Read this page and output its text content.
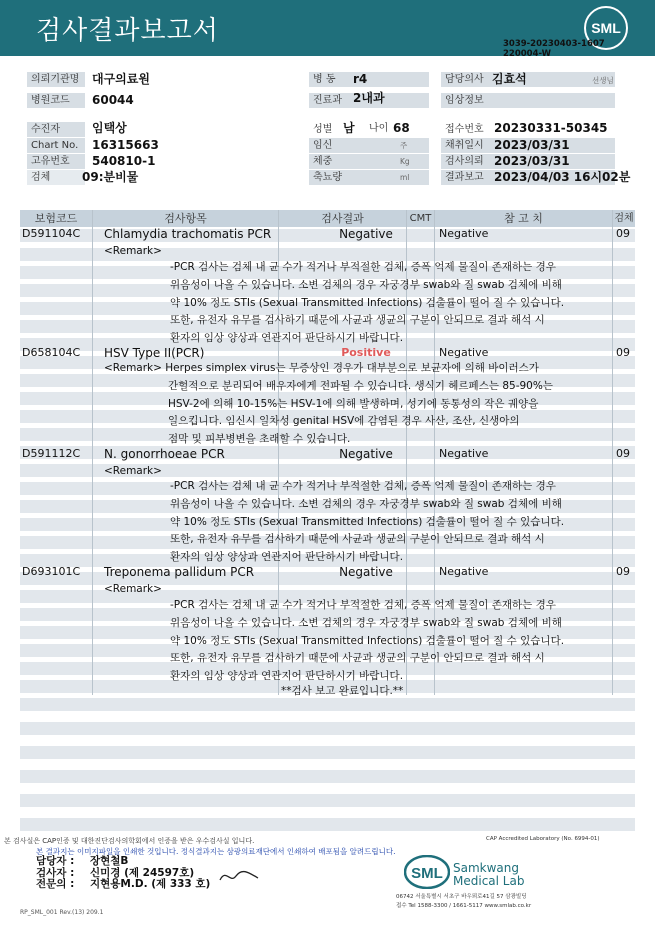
검사결과보고서	SML
3039-20230403-1607
220004-W
의뢰기관명	대구의료원
병원코드	60044
수진자	임택상
Chart No.	16315663
고유번호	540810-1
검체	09:분비물
병 동	r4
진료과 2내과
성별 남 나이 68
임신	주
체중	Kg
축뇨량	ml
담당의사 김효석	선생님
임상정보
접수번호 20230331-50345
채취일시 2023/03/31
검사의뢰 2023/03/31
결과보고 2023/04/03 16시02분
보험코드	검사항목	검사결과	CMT	참 고 치	검체
D591104C Chlamydia trachomatis PCR	Negative	Negative	09
<Remark>
-PCR 검사는 검체 내 균 수가 적거나 부적절한 검체, 증폭 억제 물질이 존재하는 경우
위음성이 나올 수 있습니다. 소변 검체의 경우 자궁경부 swab와 질 swab 검체에 비해
약 10% 정도 STIs (Sexual Transmitted Infections) 검출률이 떨어 질 수 있습니다.
또한, 유전자 유무를 검사하기 때문에 사균과 생균의 구분이 안되므로 결과 해석 시
환자의 임상 양상과 연관지어 판단하시기 바랍니다.
D658104C HSV Type II(PCR)	Positive	Negative	09
<Remark> Herpes simplex virus는 무증상인 경우가 대부분으로 보균자에 의해 바이러스가
간헐적으로 분리되어 배우자에게 전파될 수 있습니다. 생식기 헤르페스는 85-90%는
HSV-2에 의해 10-15%는 HSV-1에 의해 발생하며, 성기에 동통성의 작은 궤양을
일으킵니다. 임신시 일차성 genital HSV에 감염된 경우 사산, 조산, 신생아의
점막 및 피부병변을 초래할 수 있습니다.
D591112C N. gonorrhoeae PCR	Negative	Negative	09
<Remark>
-PCR 검사는 검체 내 균 수가 적거나 부적절한 검체, 증폭 억제 물질이 존재하는 경우
위음성이 나올 수 있습니다. 소변 검체의 경우 자궁경부 swab와 질 swab 검체에 비해
약 10% 정도 STIs (Sexual Transmitted Infections) 검출률이 떨어 질 수 있습니다.
또한, 유전자 유무를 검사하기 때문에 사균과 생균의 구분이 안되므로 결과 해석 시
환자의 임상 양상과 연관지어 판단하시기 바랍니다.
D693101C Treponema pallidum PCR	Negative	Negative	09
<Remark>
-PCR 검사는 검체 내 균 수가 적거나 부적절한 검체, 증폭 억제 물질이 존재하는 경우
위음성이 나올 수 있습니다. 소변 검체의 경우 자궁경부 swab와 질 swab 검체에 비해
약 10% 정도 STIs (Sexual Transmitted Infections) 검출률이 떨어 질 수 있습니다.
또한, 유전자 유무를 검사하기 때문에 사균과 생균의 구분이 안되므로 결과 해석 시
환자의 임상 양상과 연관지어 판단하시기 바랍니다.
**검사 보고 완료입니다.**
본 검사실은 CAP인증 및 대한진단검사의학회에서 인증을 받은 우수검사실 입니다.	CAP Accredited Laboratory (No. 6994-01)
본 결과지는 이미지파일을 인쇄한 것입니다. 정식결과지는 삼광의료재단에서 인쇄하여 배포됨을 알려드립니다.
담당자 : 장현철B
검사자 : 신미경 (제 24597호)
전문의 : 지현용M.D. (제 333 호)
SML Samkwang
Medical Lab
06742 서울특별시 서초구 바우뫼로41길 57 삼광빌딩
접수 Tel 1588-3300 / 1661-5117 www.smlab.co.kr
RP_SML_001 Rev.(13) 209.1
